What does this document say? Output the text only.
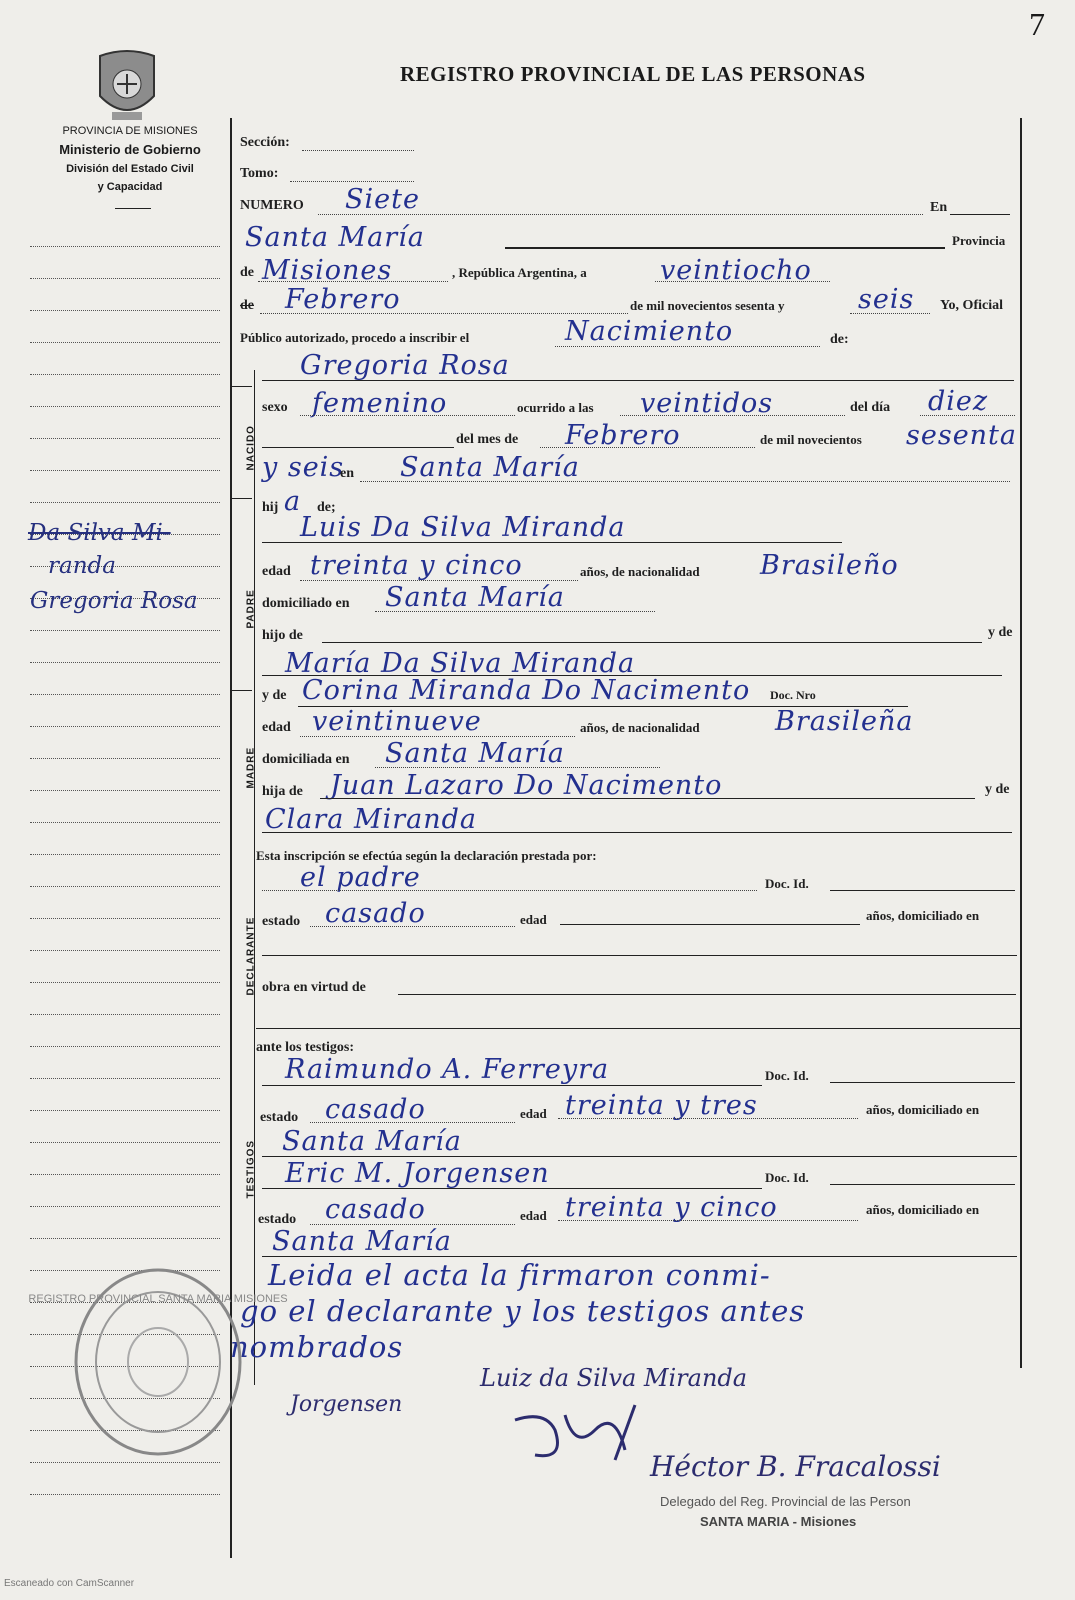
7
PROVINCIA DE MISIONES
Ministerio de Gobierno
División del Estado Civil
y Capacidad
REGISTRO PROVINCIAL DE LAS PERSONAS
Da Silva Mi-
randa
Gregoria Rosa
NACIDO
PADRE
MADRE
DECLARANTE
TESTIGOS
Sección:
Tomo:
NUMERO Siete	En
Santa María	Provincia
de Misiones	, República Argentina, a	veintiocho
de Febrero	de mil novecientos sesenta y	seis Yo, Oficial
Público autorizado, procedo a inscribir el	Nacimiento	de:
Gregoria Rosa
sexo femenino	ocurrido a las veintidos	del día diez
del mes de Febrero	de mil novecientos sesenta
y seis
en Santa María
hij a de;
Luis Da Silva Miranda
edad treinta y cinco	años, de nacionalidad Brasileño
domiciliado en Santa María
hijo de	y de
María Da Silva Miranda
y de Corina Miranda Do Nacimento Doc. Nro
edad veintinueve	años, de nacionalidad	Brasileña
domiciliada en Santa María
hija de Juan Lazaro Do Nacimento	y de
Clara Miranda
Esta inscripción se efectúa según la declaración prestada por:
el padre	Doc. Id.
estado casado	edad	años, domiciliado en
obra en virtud de
ante los testigos:
Raimundo A. Ferreyra	Doc. Id.
estado casado	edad treinta y tres	años, domiciliado en
Santa María
Eric M. Jorgensen	Doc. Id.
estado casado	edad treinta y cinco	años, domiciliado en
Santa María
Leida el acta la firmaron conmi-
go el declarante y los testigos antes
nombrados
Luiz da Silva Miranda
Jorgensen
Héctor B. Fracalossi
Delegado del Reg. Provincial de las Person
SANTA MARIA - Misiones
REGISTRO PROVINCIAL SANTA MARIA MISIONES
Escaneado con CamScanner
